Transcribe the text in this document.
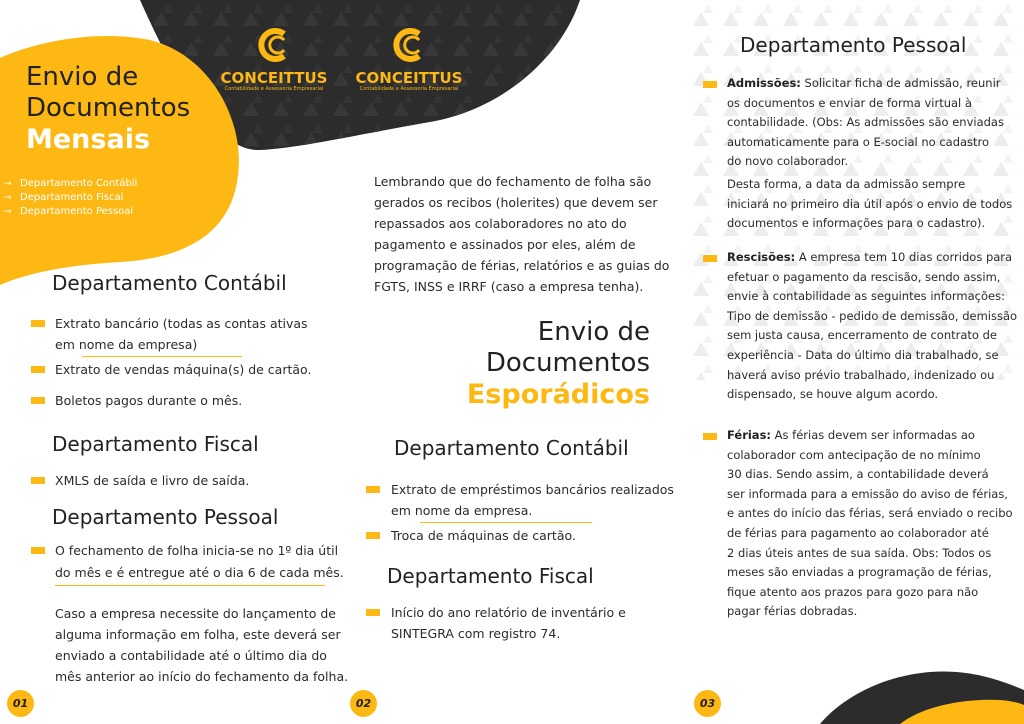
CONCEITTUS
Contabilidade e Assessoria Empresarial
CONCEITTUS
Contabilidade e Assessoria Empresarial
Envio de
Documentos
Mensais
→ Departamento Contábil
→ Departamento Fiscal
→ Departamento Pessoal
Departamento Contábil
Extrato bancário (todas as contas ativas
em nome da empresa)
Extrato de vendas máquina(s) de cartão.
Boletos pagos durante o mês.
Departamento Fiscal
XMLS de saída e livro de saída.
Departamento Pessoal
O fechamento de folha inicia-se no 1º dia útil
do mês e é entregue até o dia 6 de cada mês.
Caso a empresa necessite do lançamento de
alguma informação em folha, este deverá ser
enviado a contabilidade até o último dia do
mês anterior ao início do fechamento da folha.
01
Lembrando que do fechamento de folha são
gerados os recibos (holerites) que devem ser
repassados aos colaboradores no ato do
pagamento e assinados por eles, além de
programação de férias, relatórios e as guias do
FGTS, INSS e IRRF (caso a empresa tenha).
Envio de
Documentos
Esporádicos
Departamento Contábil
Extrato de empréstimos bancários realizados
em nome da empresa.
Troca de máquinas de cartão.
Departamento Fiscal
Início do ano relatório de inventário e
SINTEGRA com registro 74.
02
Departamento Pessoal
Admissões: Solicitar ficha de admissão, reunir
os documentos e enviar de forma virtual à
contabilidade. (Obs: As admissões são enviadas
automaticamente para o E-social no cadastro
do novo colaborador.
Desta forma, a data da admissão sempre
iniciará no primeiro dia útil após o envio de todos
documentos e informações para o cadastro).
Rescisões: A empresa tem 10 dias corridos para
efetuar o pagamento da rescisão, sendo assim,
envie à contabilidade as seguintes informações:
Tipo de demissão - pedido de demissão, demissão
sem justa causa, encerramento de contrato de
experiência - Data do último dia trabalhado, se
haverá aviso prévio trabalhado, indenizado ou
dispensado, se houve algum acordo.
Férias: As férias devem ser informadas ao
colaborador com antecipação de no mínimo
30 dias. Sendo assim, a contabilidade deverá
ser informada para a emissão do aviso de férias,
e antes do início das férias, será enviado o recibo
de férias para pagamento ao colaborador até
2 dias úteis antes de sua saída. Obs: Todos os
meses são enviadas a programação de férias,
fique atento aos prazos para gozo para não
pagar férias dobradas.
03
